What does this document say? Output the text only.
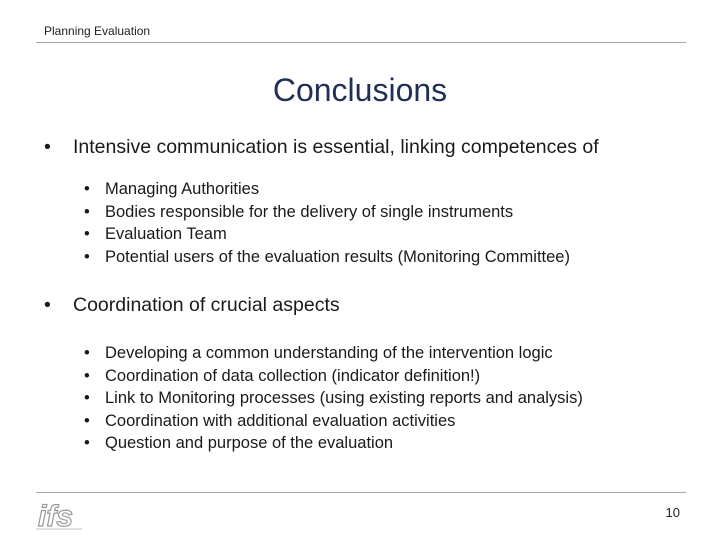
Planning Evaluation
Conclusions
• Intensive communication is essential, linking competences of
• Managing Authorities
• Bodies responsible for the delivery of single instruments
• Evaluation Team
• Potential users of the evaluation results (Monitoring Committee)
• Coordination of crucial aspects
• Developing a common understanding of the intervention logic
• Coordination of data collection (indicator definition!)
• Link to Monitoring processes (using existing reports and analysis)
• Coordination with additional evaluation activities
• Question and purpose of the evaluation
ifs	10
